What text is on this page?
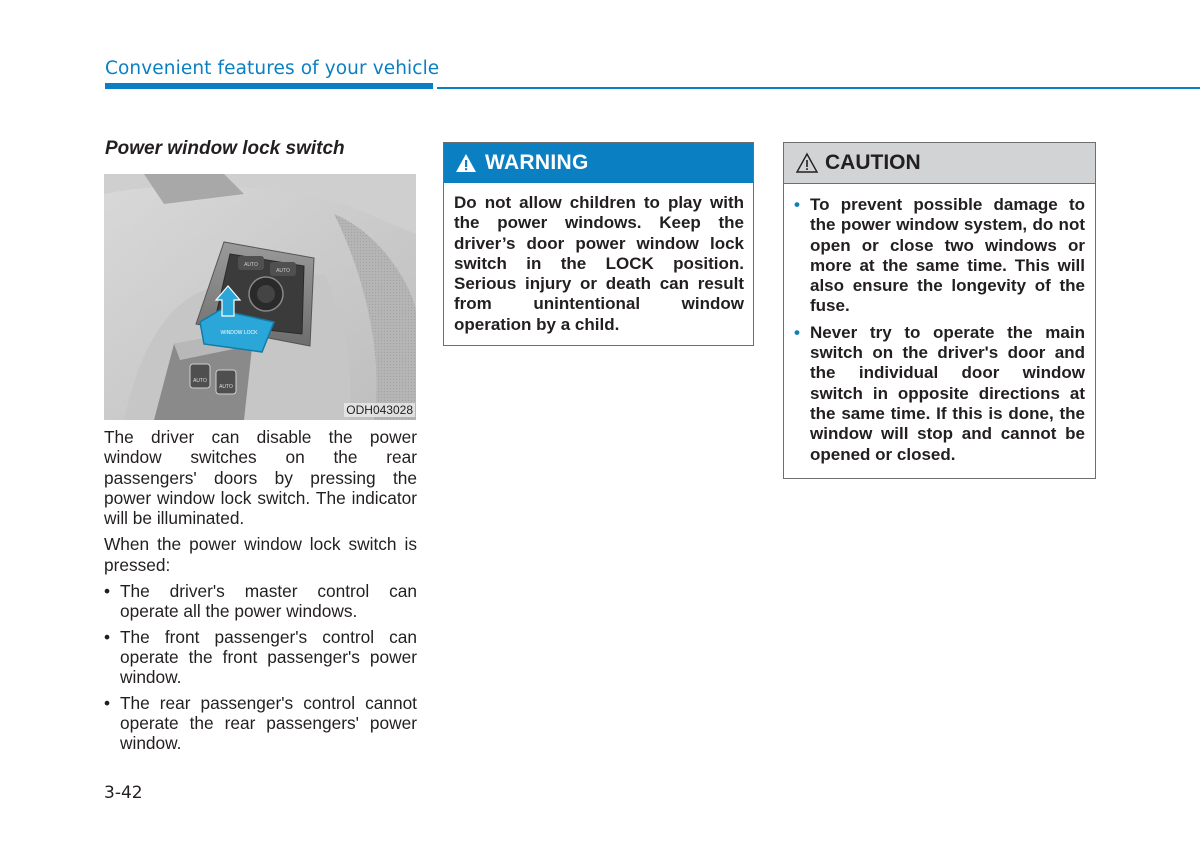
Convenient features of your vehicle
Power window lock switch
AUTO
AUTO
AUTO
AUTO
WINDOW LOCK
ODH043028

The driver can disable the power window switches on the rear passengers' doors by pressing the power window lock switch. The indicator will be illuminated.

When the power window lock switch is pressed:

• The driver's master control can operate all the power windows.
• The front passenger's control can operate the front passenger's power window.
• The rear passenger's control cannot operate the rear passengers' power window.
WARNING
Do not allow children to play with the power windows. Keep the driver’s door power window lock switch in the LOCK position. Serious injury or death can result from unintentional window operation by a child.
CAUTION
• To prevent possible damage to the power window system, do not open or close two windows or more at the same time. This will also ensure the longevity of the fuse.
• Never try to operate the main switch on the driver's door and the individual door window switch in opposite directions at the same time. If this is done, the window will stop and cannot be opened or closed.
3-42
